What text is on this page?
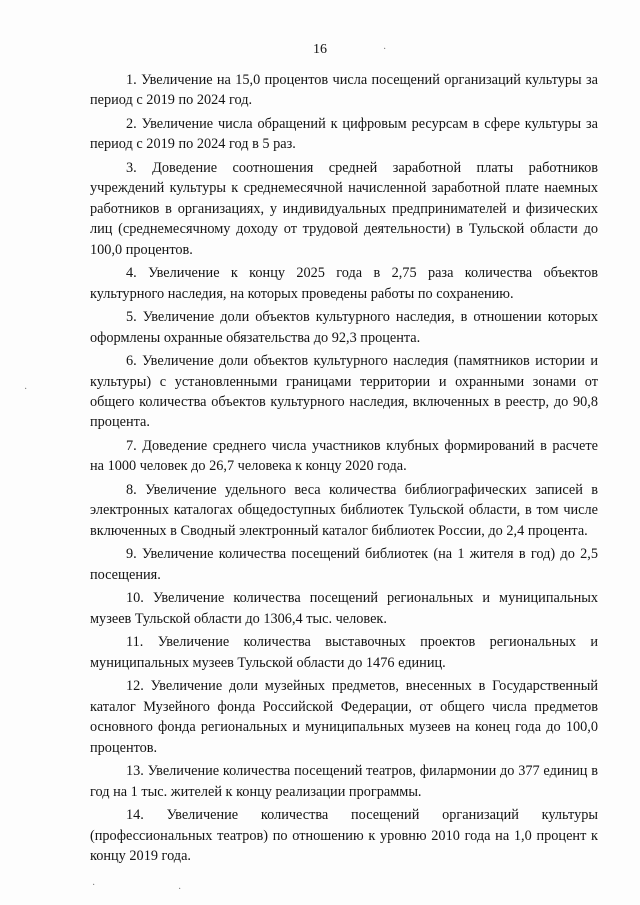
16

1. Увеличение на 15,0 процентов числа посещений организаций культуры за период с 2019 по 2024 год.

2. Увеличение числа обращений к цифровым ресурсам в сфере культуры за период с 2019 по 2024 год в 5 раз.

3. Доведение соотношения средней заработной платы работников учреждений культуры к среднемесячной начисленной заработной плате наемных работников в организациях, у индивидуальных предпринимателей и физических лиц (среднемесячному доходу от трудовой деятельности) в Тульской области до 100,0 процентов.

4. Увеличение к концу 2025 года в 2,75 раза количества объектов культурного наследия, на которых проведены работы по сохранению.

5. Увеличение доли объектов культурного наследия, в отношении которых оформлены охранные обязательства до 92,3 процента.

6. Увеличение доли объектов культурного наследия (памятников истории и культуры) с установленными границами территории и охранными зонами от общего количества объектов культурного наследия, включенных в реестр, до 90,8 процента.

7. Доведение среднего числа участников клубных формирований в расчете на 1000 человек до 26,7 человека к концу 2020 года.

8. Увеличение удельного веса количества библиографических записей в электронных каталогах общедоступных библиотек Тульской области, в том числе включенных в Сводный электронный каталог библиотек России, до 2,4 процента.

9. Увеличение количества посещений библиотек (на 1 жителя в год) до 2,5 посещения.

10. Увеличение количества посещений региональных и муниципальных музеев Тульской области до 1306,4 тыс. человек.

11. Увеличение количества выставочных проектов региональных и муниципальных музеев Тульской области до 1476 единиц.

12. Увеличение доли музейных предметов, внесенных в Государственный каталог Музейного фонда Российской Федерации, от общего числа предметов основного фонда региональных и муниципальных музеев на конец года до 100,0 процентов.

13. Увеличение количества посещений театров, филармонии до 377 единиц в год на 1 тыс. жителей к концу реализации программы.

14. Увеличение количества посещений организаций культуры (профессиональных театров) по отношению к уровню 2010 года на 1,0 процент к концу 2019 года.

·
·
·	·
